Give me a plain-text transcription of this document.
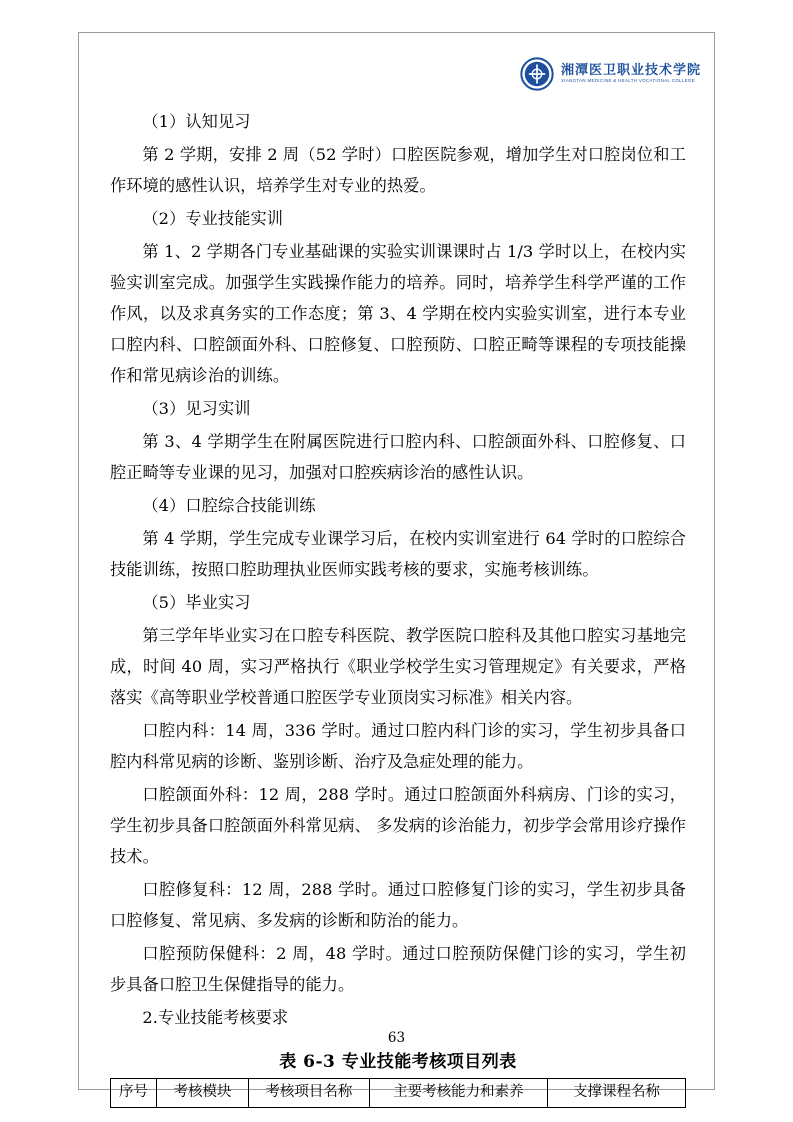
湘潭医卫职业技术学院
XIANGTAN MEDICINE & HEALTH VOCATIONAL COLLEGE

（1）认知见习

第 2 学期，安排 2 周（52 学时）口腔医院参观，增加学生对口腔岗位和工作环境的感性认识，培养学生对专业的热爱。

（2）专业技能实训

第 1、2 学期各门专业基础课的实验实训课课时占 1/3 学时以上，在校内实验实训室完成。加强学生实践操作能力的培养。同时，培养学生科学严谨的工作作风，以及求真务实的工作态度；第 3、4 学期在校内实验实训室，进行本专业口腔内科、口腔颌面外科、口腔修复、口腔预防、口腔正畸等课程的专项技能操作和常见病诊治的训练。

（3）见习实训

第 3、4 学期学生在附属医院进行口腔内科、口腔颌面外科、口腔修复、口腔正畸等专业课的见习，加强对口腔疾病诊治的感性认识。

（4）口腔综合技能训练

第 4 学期，学生完成专业课学习后，在校内实训室进行 64 学时的口腔综合技能训练，按照口腔助理执业医师实践考核的要求，实施考核训练。

（5）毕业实习

第三学年毕业实习在口腔专科医院、教学医院口腔科及其他口腔实习基地完成，时间 40 周，实习严格执行《职业学校学生实习管理规定》有关要求，严格落实《高等职业学校普通口腔医学专业顶岗实习标准》相关内容。

口腔内科：14 周，336 学时。通过口腔内科门诊的实习，学生初步具备口腔内科常见病的诊断、鉴别诊断、治疗及急症处理的能力。

口腔颌面外科：12 周，288 学时。通过口腔颌面外科病房、门诊的实习，学生初步具备口腔颌面外科常见病、 多发病的诊治能力，初步学会常用诊疗操作技术。

口腔修复科：12 周，288 学时。通过口腔修复门诊的实习，学生初步具备口腔修复、常见病、多发病的诊断和防治的能力。

口腔预防保健科：2 周，48 学时。通过口腔预防保健门诊的实习，学生初步具备口腔卫生保健指导的能力。

2.专业技能考核要求

表 6-3 专业技能考核项目列表
序号	考核模块	考核项目名称	主要考核能力和素养	支撑课程名称
63
